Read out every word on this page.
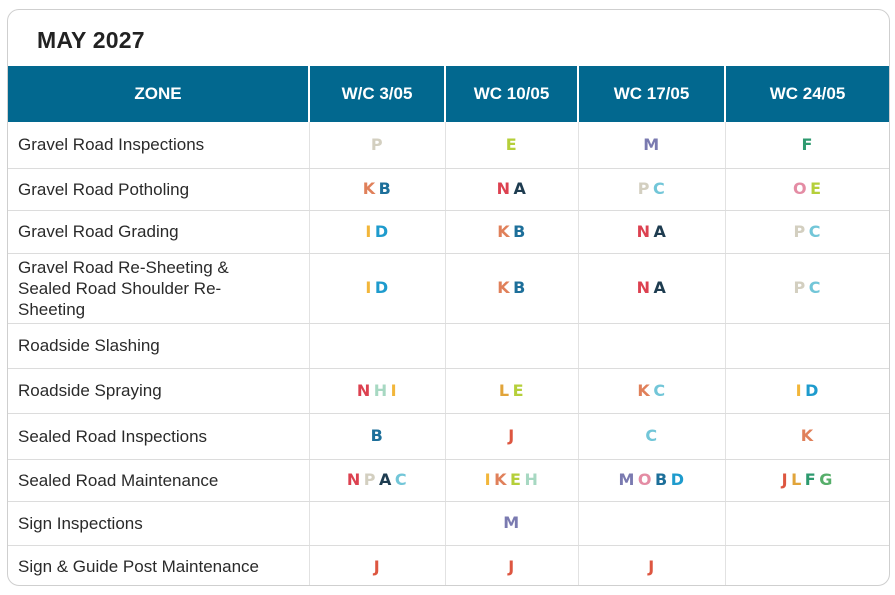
MAY 2027
ZONE	W/C 3/05	WC 10/05	WC 17/05	WC 24/05
Gravel Road Inspections	P	E	M	F
Gravel Road Potholing	K B	N A	P C	O E
Gravel Road Grading	I D	K B	N A	P C
Gravel Road Re-Sheeting & Sealed Road Shoulder Re-Sheeting	I D	K B	N A	P C
Roadside Slashing				
Roadside Spraying	N H I	L E	K C	I D
Sealed Road Inspections	B	J	C	K
Sealed Road Maintenance	N P A C	I K E H	M O B D	J L F G
Sign Inspections		M		
Sign & Guide Post Maintenance	J	J	J	
